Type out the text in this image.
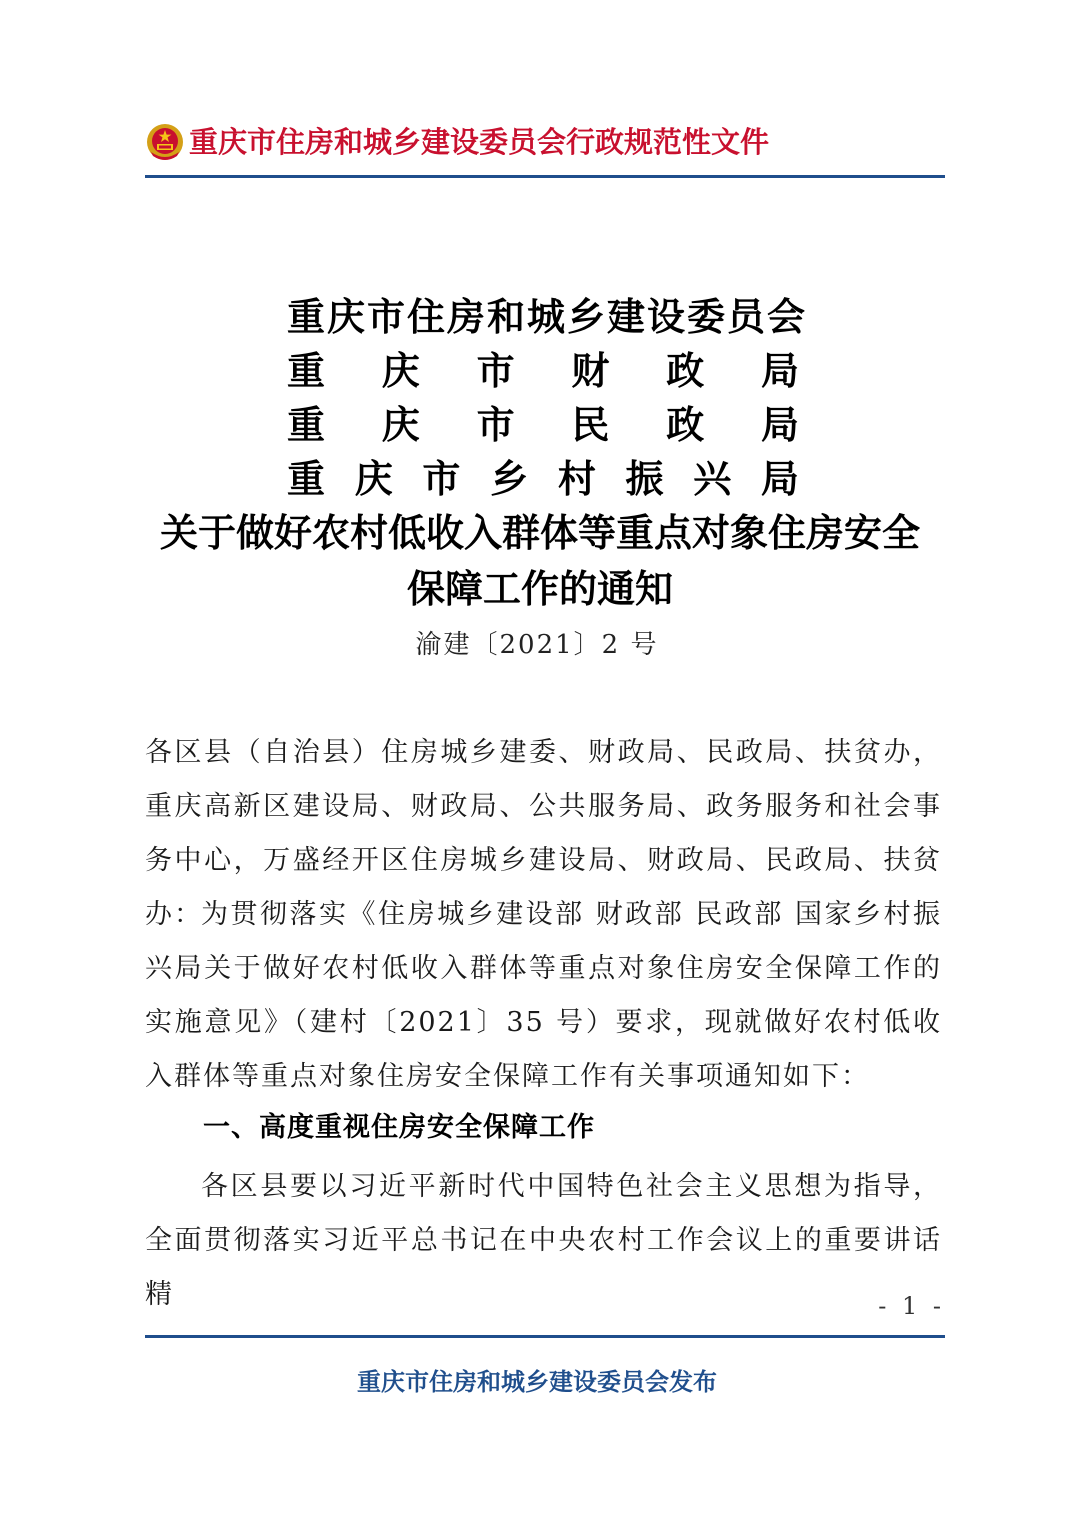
重庆市住房和城乡建设委员会行政规范性文件
重庆市住房和城乡建设委员会
重 庆 市 财 政 局
重 庆 市 民 政 局
重 庆 市 乡 村 振 兴 局
关于做好农村低收入群体等重点对象住房安全
保障工作的通知
渝建〔2021〕2 号
各区县（自治县）住房城乡建委、财政局、民政局、扶贫办，重庆高新区建设局、财政局、公共服务局、政务服务和社会事务中心，万盛经开区住房城乡建设局、财政局、民政局、扶贫办：
为贯彻落实《住房城乡建设部 财政部 民政部 国家乡村振兴局关于做好农村低收入群体等重点对象住房安全保障工作的实施意见》（建村〔2021〕35 号）要求，现就做好农村低收入群体等重点对象住房安全保障工作有关事项通知如下：
一、高度重视住房安全保障工作
各区县要以习近平新时代中国特色社会主义思想为指导，全面贯彻落实习近平总书记在中央农村工作会议上的重要讲话精	- 1 -
重庆市住房和城乡建设委员会发布
